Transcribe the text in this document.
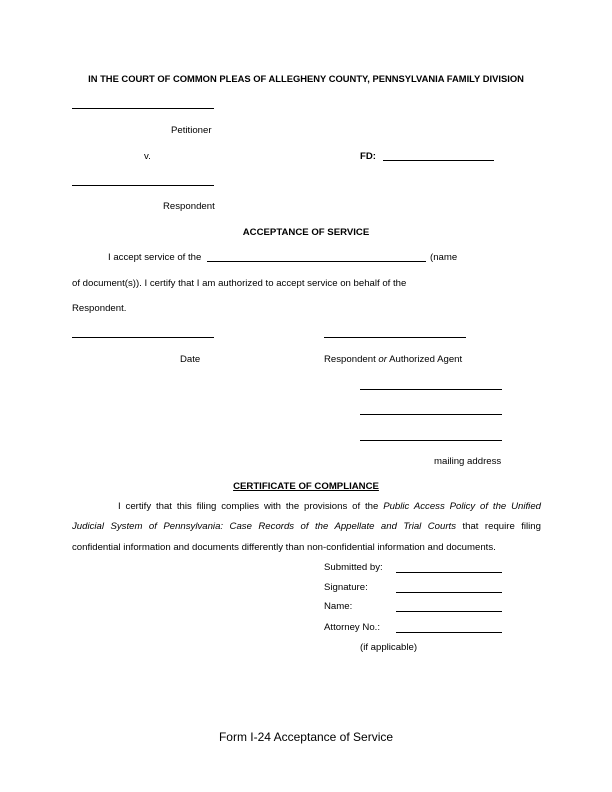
IN THE COURT OF COMMON PLEAS OF ALLEGHENY COUNTY, PENNSYLVANIA FAMILY DIVISION
Petitioner
v.	FD:
Respondent
ACCEPTANCE OF SERVICE
I accept service of the	(name
of document(s)). I certify that I am authorized to accept service on behalf of the
Respondent.
Date	Respondent or Authorized Agent
mailing address
CERTIFICATE OF COMPLIANCE
I certify that this filing complies with the provisions of the Public Access Policy of the Unified
Judicial System of Pennsylvania: Case Records of the Appellate and Trial Courts that require filing
confidential information and documents differently than non-confidential information and documents.
Submitted by:
Signature:
Name:
Attorney No.:
(if applicable)
Form I-24 Acceptance of Service
